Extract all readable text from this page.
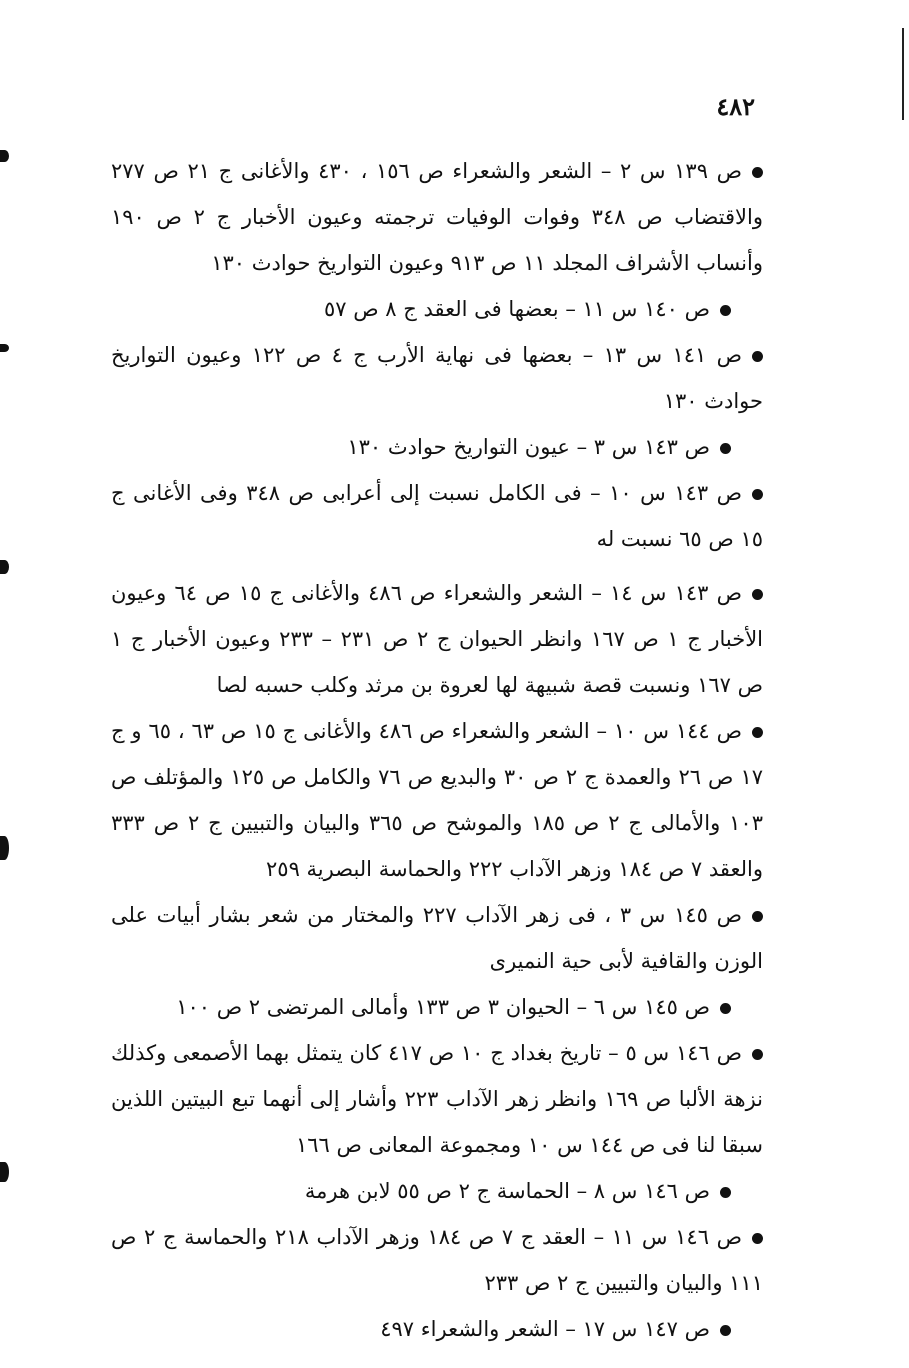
٤٨٢

ص ١٣٩ س ٢ – الشعر والشعراء ص ١٥٦ ، ٤٣٠ والأغانى ج ٢١ ص ٢٧٧ والاقتضاب ص ٣٤٨ وفوات الوفيات ترجمته وعيون الأخبار ج ٢ ص ١٩٠ وأنساب الأشراف المجلد ١١ ص ٩١٣ وعيون التواريخ حوادث ١٣٠

ص ١٤٠ س ١١ – بعضها فى العقد ج ٨ ص ٥٧

ص ١٤١ س ١٣ – بعضها فى نهاية الأرب ج ٤ ص ١٢٢ وعيون التواريخ حوادث ١٣٠

ص ١٤٣ س ٣ – عيون التواريخ حوادث ١٣٠

ص ١٤٣ س ١٠ – فى الكامل نسبت إلى أعرابى ص ٣٤٨ وفى الأغانى ج ١٥ ص ٦٥ نسبت له

ص ١٤٣ س ١٤ – الشعر والشعراء ص ٤٨٦ والأغانى ج ١٥ ص ٦٤ وعيون الأخبار ج ١ ص ١٦٧ وانظر الحيوان ج ٢ ص ٢٣١ – ٢٣٣ وعيون الأخبار ج ١ ص ١٦٧ ونسبت قصة شبيهة لها لعروة بن مرثد وكلب حسبه لصا

ص ١٤٤ س ١٠ – الشعر والشعراء ص ٤٨٦ والأغانى ج ١٥ ص ٦٣ ، ٦٥ و ج ١٧ ص ٢٦ والعمدة ج ٢ ص ٣٠ والبديع ص ٧٦ والكامل ص ١٢٥ والمؤتلف ص ١٠٣ والأمالى ج ٢ ص ١٨٥ والموشح ص ٣٦٥ والبيان والتبيين ج ٢ ص ٣٣٣ والعقد ٧ ص ١٨٤ وزهر الآداب ٢٢٢ والحماسة البصرية ٢٥٩

ص ١٤٥ س ٣ ، فى زهر الآداب ٢٢٧ والمختار من شعر بشار أبيات على الوزن والقافية لأبى حية النميرى

ص ١٤٥ س ٦ – الحيوان ٣ ص ١٣٣ وأمالى المرتضى ٢ ص ١٠٠

ص ١٤٦ س ٥ – تاريخ بغداد ج ١٠ ص ٤١٧ كان يتمثل بهما الأصمعى وكذلك نزهة الألبا ص ١٦٩ وانظر زهر الآداب ٢٢٣ وأشار إلى أنهما تبع البيتين اللذين سبقا لنا فى ص ١٤٤ س ١٠ ومجموعة المعانى ص ١٦٦

ص ١٤٦ س ٨ – الحماسة ج ٢ ص ٥٥ لابن هرمة

ص ١٤٦ س ١١ – العقد ج ٧ ص ١٨٤ وزهر الآداب ٢١٨ والحماسة ج ٢ ص ١١١ والبيان والتبيين ج ٢ ص ٢٣٣

ص ١٤٧ س ١٧ – الشعر والشعراء ٤٩٧
